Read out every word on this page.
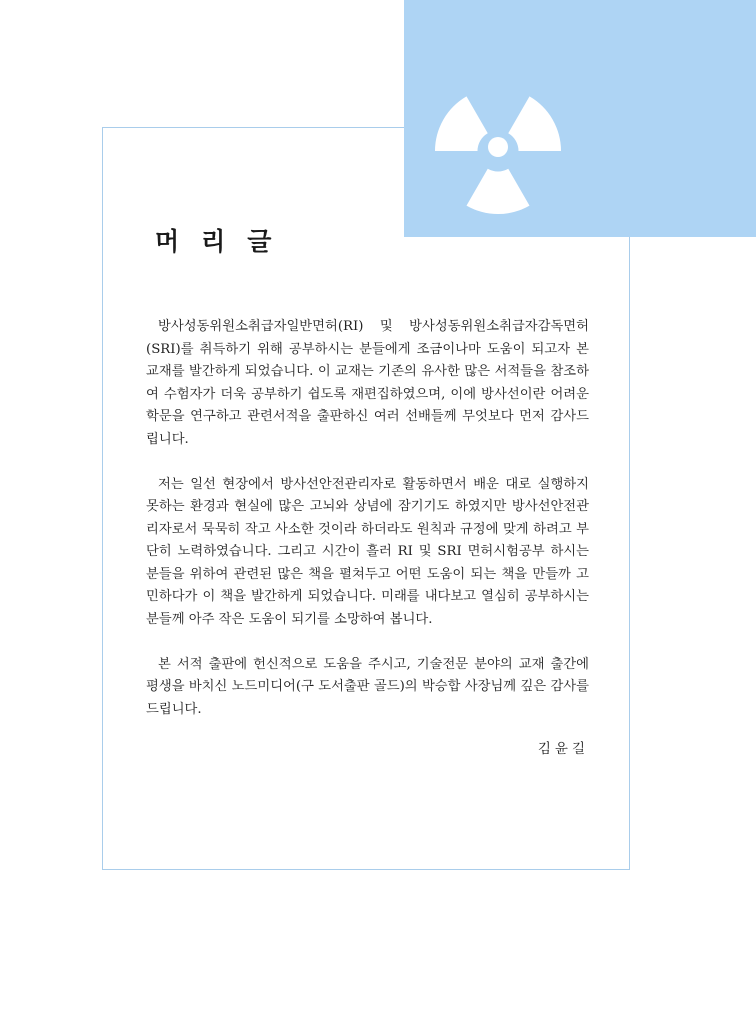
머리글

방사성동위원소취급자일반면허(RI) 및 방사성동위원소취급자감독면허(SRI)를 취득하기 위해 공부하시는 분들에게 조금이나마 도움이 되고자 본 교재를 발간하게 되었습니다. 이 교재는 기존의 유사한 많은 서적들을 참조하여 수험자가 더욱 공부하기 쉽도록 재편집하였으며, 이에 방사선이란 어려운 학문을 연구하고 관련서적을 출판하신 여러 선배들께 무엇보다 먼저 감사드립니다.

저는 일선 현장에서 방사선안전관리자로 활동하면서 배운 대로 실행하지 못하는 환경과 현실에 많은 고뇌와 상념에 잠기기도 하였지만 방사선안전관리자로서 묵묵히 작고 사소한 것이라 하더라도 원칙과 규정에 맞게 하려고 부단히 노력하였습니다. 그리고 시간이 흘러 RI 및 SRI 면허시험공부 하시는 분들을 위하여 관련된 많은 책을 펼쳐두고 어떤 도움이 되는 책을 만들까 고민하다가 이 책을 발간하게 되었습니다. 미래를 내다보고 열심히 공부하시는 분들께 아주 작은 도움이 되기를 소망하여 봅니다.

본 서적 출판에 헌신적으로 도움을 주시고, 기술전문 분야의 교재 출간에 평생을 바치신 노드미디어(구 도서출판 골드)의 박승합 사장님께 깊은 감사를 드립니다.

김윤길
